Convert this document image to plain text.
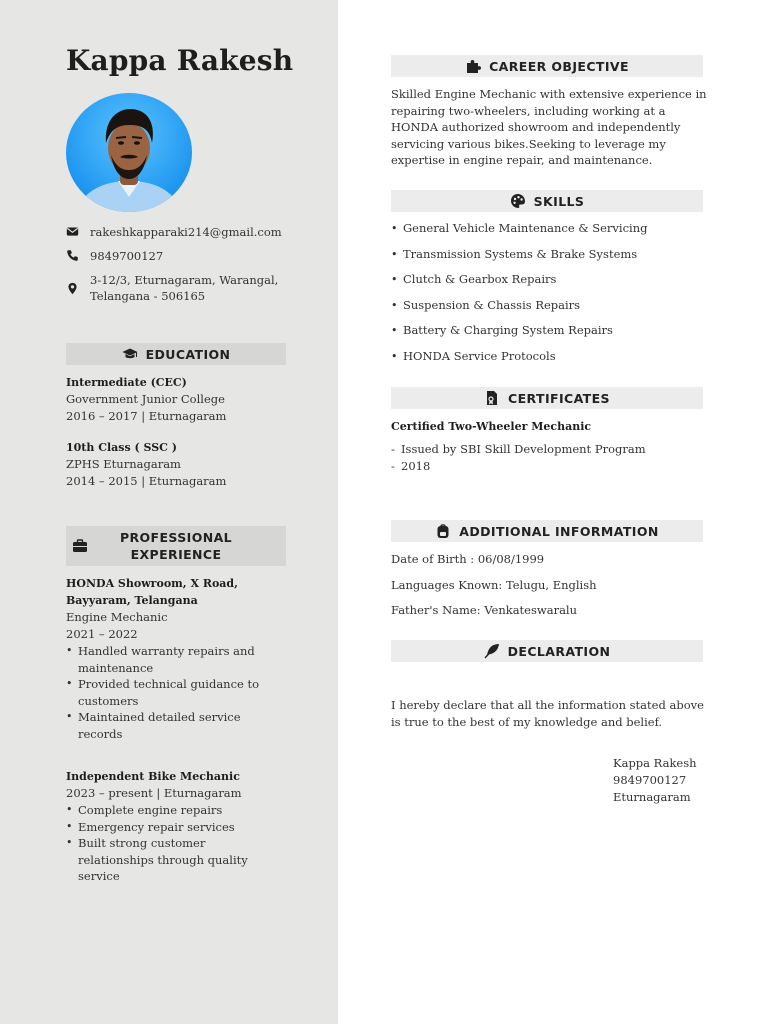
Kappa Rakesh
rakeshkapparaki214@gmail.com
9849700127
3-12/3, Eturnagaram, Warangal,
Telangana - 506165
EDUCATION
Intermediate (CEC)
Government Junior College
2016 – 2017 | Eturnagaram
10th Class ( SSC )
ZPHS Eturnagaram
2014 – 2015 | Eturnagaram
PROFESSIONAL
EXPERIENCE
HONDA Showroom, X Road,
Bayyaram, Telangana
Engine Mechanic
2021 – 2022
• Handled warranty repairs and maintenance
• Provided technical guidance to customers
• Maintained detailed service records
Independent Bike Mechanic
2023 – present | Eturnagaram
• Complete engine repairs
• Emergency repair services
• Built strong customer relationships through quality service
CAREER OBJECTIVE
Skilled Engine Mechanic with extensive experience in repairing two-wheelers, including working at a HONDA authorized showroom and independently servicing various bikes.Seeking to leverage my expertise in engine repair, and maintenance.
SKILLS
• General Vehicle Maintenance & Servicing
• Transmission Systems & Brake Systems
• Clutch & Gearbox Repairs
• Suspension & Chassis Repairs
• Battery & Charging System Repairs
• HONDA Service Protocols
CERTIFICATES
Certified Two-Wheeler Mechanic
- Issued by SBI Skill Development Program
- 2018
ADDITIONAL INFORMATION
Date of Birth : 06/08/1999
Languages Known: Telugu, English
Father's Name: Venkateswaralu
DECLARATION
I hereby declare that all the information stated above is true to the best of my knowledge and belief.
Kappa Rakesh
9849700127
Eturnagaram
